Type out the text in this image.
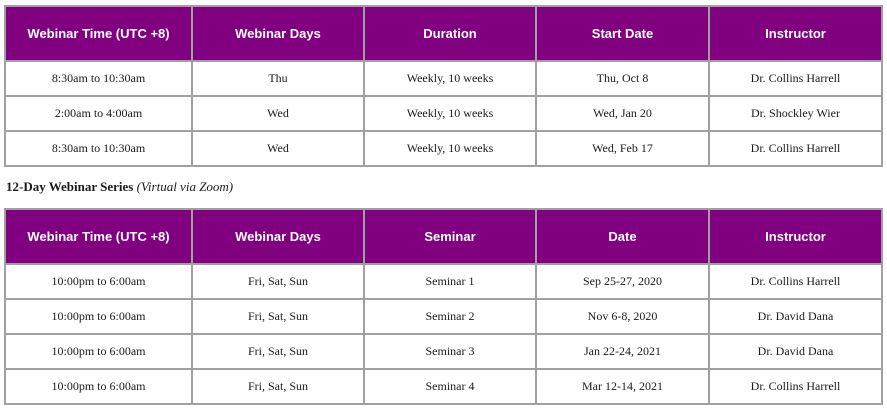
Webinar Time (UTC +8)	Webinar Days	Duration	Start Date	Instructor
8:30am to 10:30am	Thu	Weekly, 10 weeks	Thu, Oct 8	Dr. Collins Harrell
2:00am to 4:00am	Wed	Weekly, 10 weeks	Wed, Jan 20	Dr. Shockley Wier
8:30am to 10:30am	Wed	Weekly, 10 weeks	Wed, Feb 17	Dr. Collins Harrell
12-Day Webinar Series (Virtual via Zoom)
Webinar Time (UTC +8)	Webinar Days	Seminar	Date	Instructor
10:00pm to 6:00am	Fri, Sat, Sun	Seminar 1	Sep 25-27, 2020	Dr. Collins Harrell
10:00pm to 6:00am	Fri, Sat, Sun	Seminar 2	Nov 6-8, 2020	Dr. David Dana
10:00pm to 6:00am	Fri, Sat, Sun	Seminar 3	Jan 22-24, 2021	Dr. David Dana
10:00pm to 6:00am	Fri, Sat, Sun	Seminar 4	Mar 12-14, 2021	Dr. Collins Harrell
